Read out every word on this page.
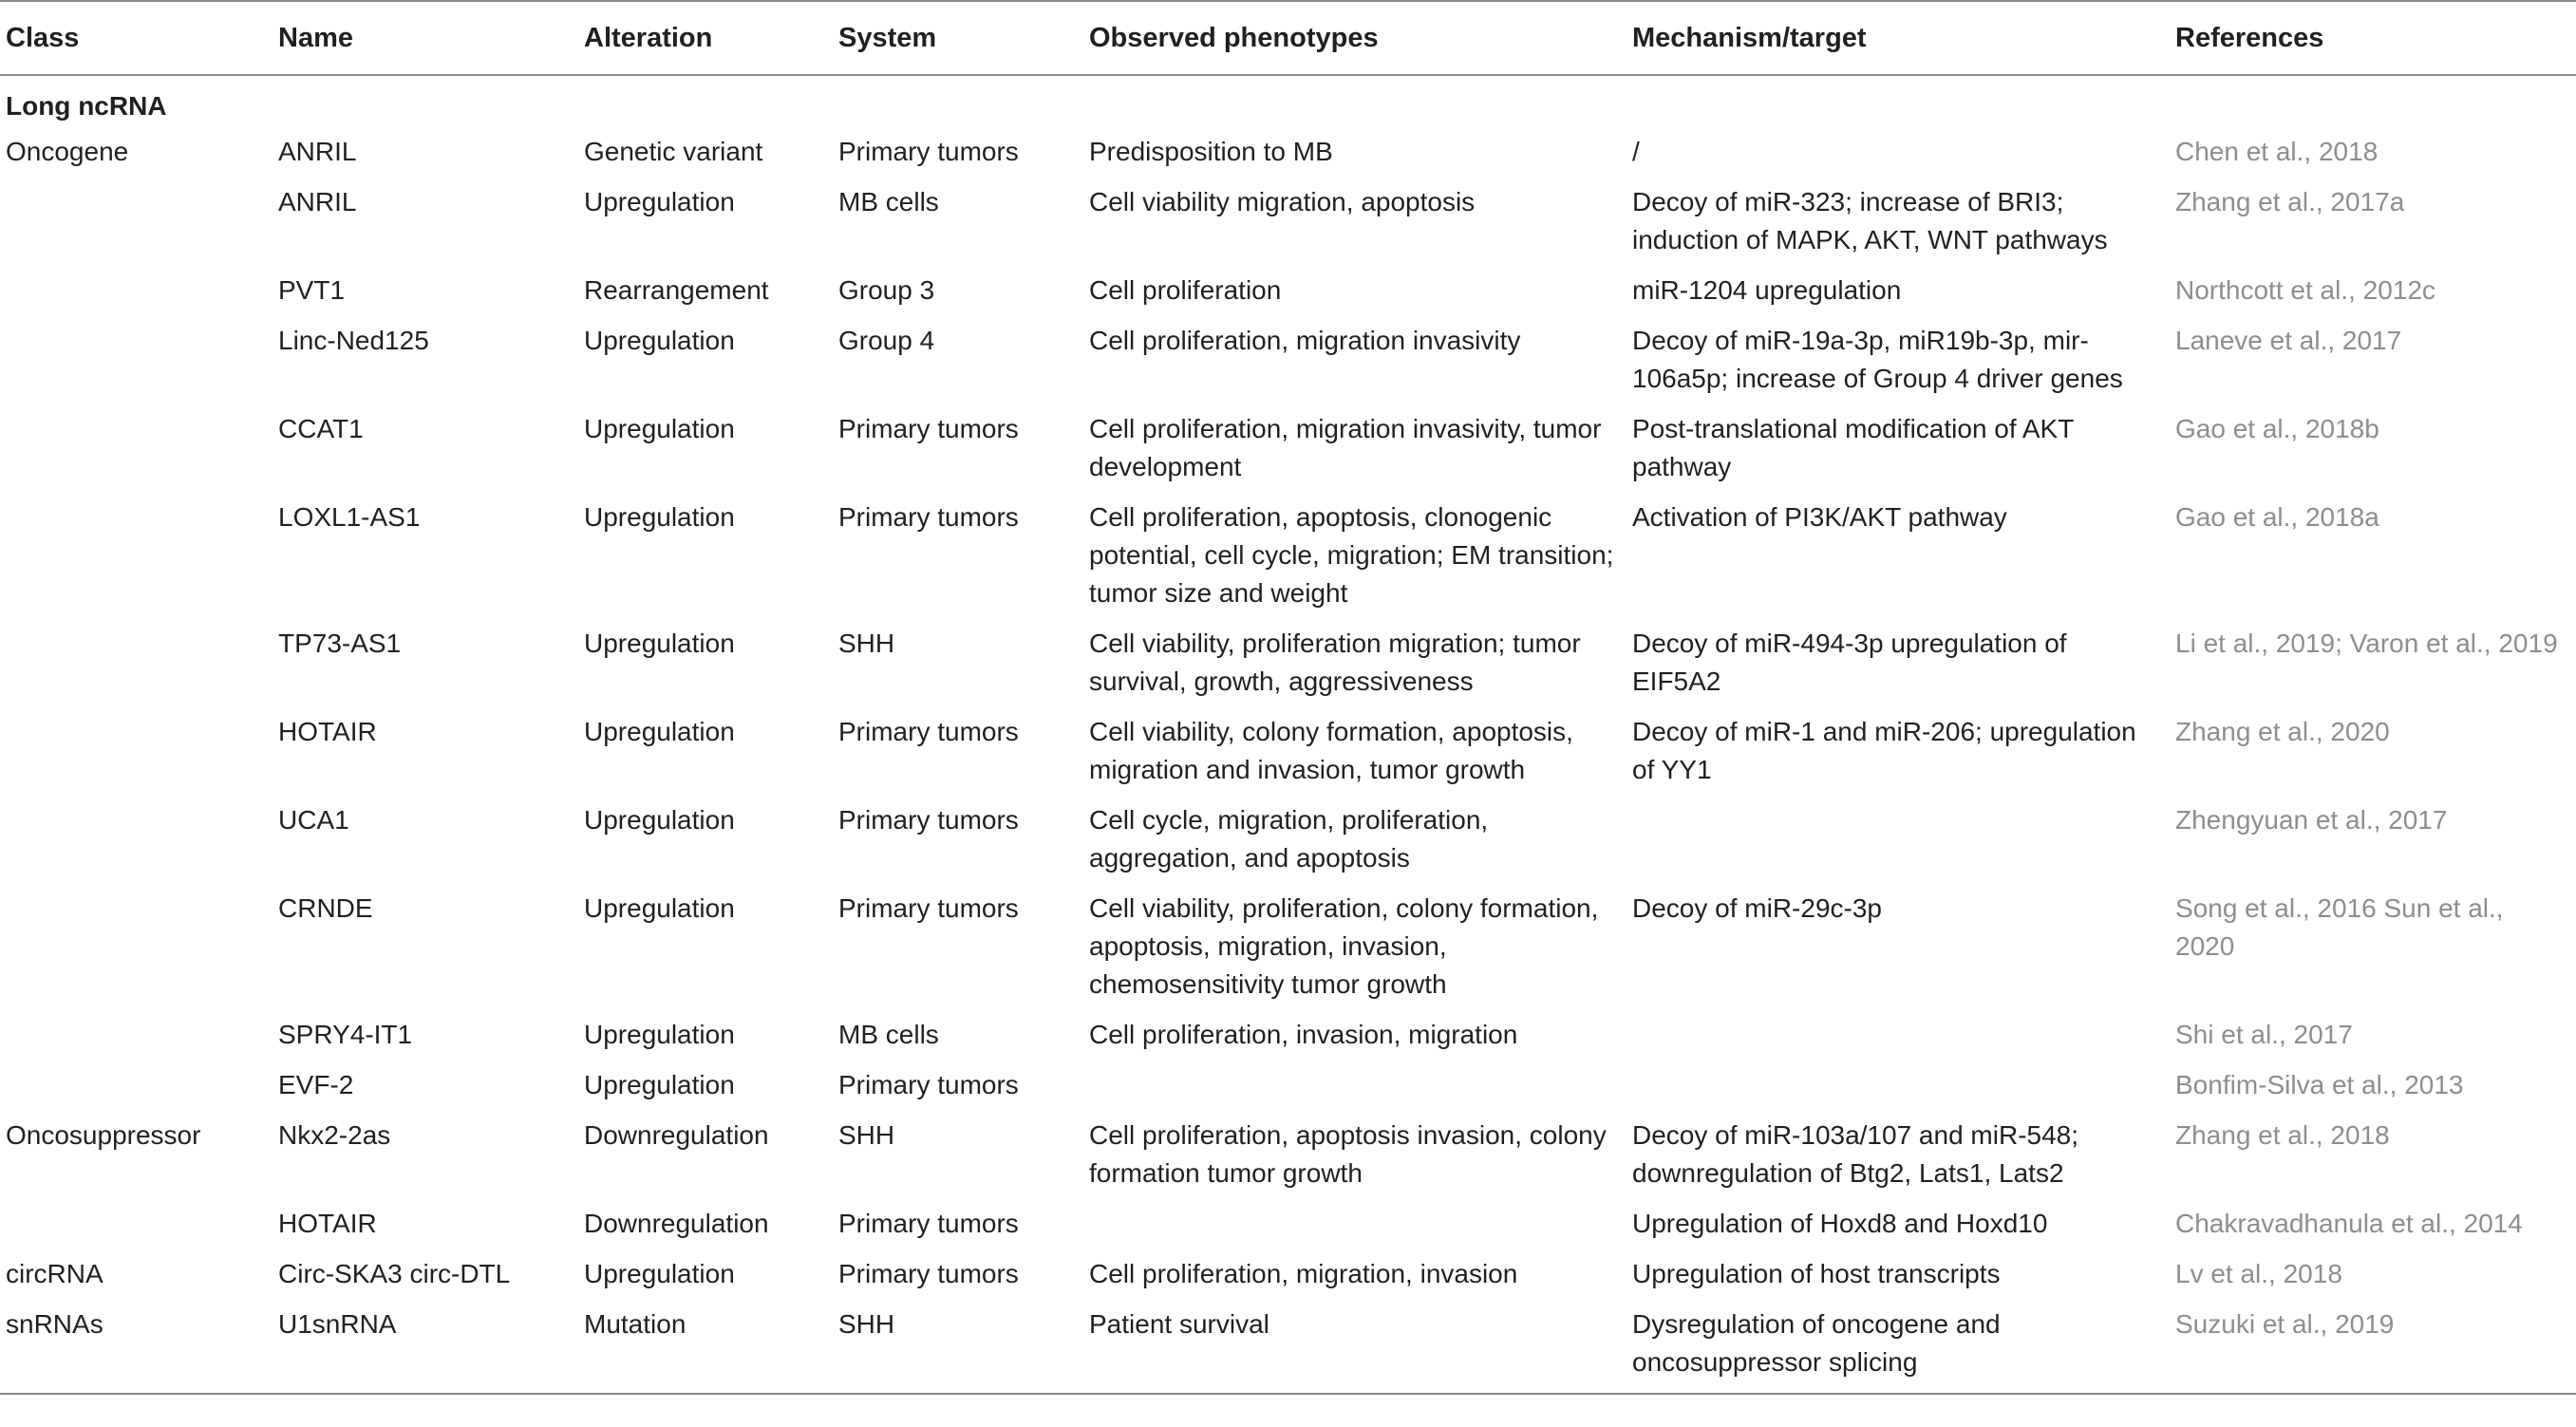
Class	Name	Alteration	System	Observed phenotypes	Mechanism/target	References
Long ncRNA						
Oncogene	ANRIL	Genetic variant	Primary tumors	Predisposition to MB	/	Chen et al., 2018
	ANRIL	Upregulation	MB cells	Cell viability migration, apoptosis	Decoy of miR-323; increase of BRI3; induction of MAPK, AKT, WNT pathways	Zhang et al., 2017a
	PVT1	Rearrangement	Group 3	Cell proliferation	miR-1204 upregulation	Northcott et al., 2012c
	Linc-Ned125	Upregulation	Group 4	Cell proliferation, migration invasivity	Decoy of miR-19a-3p, miR19b-3p, mir-106a5p; increase of Group 4 driver genes	Laneve et al., 2017
	CCAT1	Upregulation	Primary tumors	Cell proliferation, migration invasivity, tumor development	Post-translational modification of AKT pathway	Gao et al., 2018b
	LOXL1-AS1	Upregulation	Primary tumors	Cell proliferation, apoptosis, clonogenic potential, cell cycle, migration; EM transition; tumor size and weight	Activation of PI3K/AKT pathway	Gao et al., 2018a
	TP73-AS1	Upregulation	SHH	Cell viability, proliferation migration; tumor survival, growth, aggressiveness	Decoy of miR-494-3p upregulation of EIF5A2	Li et al., 2019; Varon et al., 2019
	HOTAIR	Upregulation	Primary tumors	Cell viability, colony formation, apoptosis, migration and invasion, tumor growth	Decoy of miR-1 and miR-206; upregulation of YY1	Zhang et al., 2020
	UCA1	Upregulation	Primary tumors	Cell cycle, migration, proliferation, aggregation, and apoptosis		Zhengyuan et al., 2017
	CRNDE	Upregulation	Primary tumors	Cell viability, proliferation, colony formation, apoptosis, migration, invasion, chemosensitivity tumor growth	Decoy of miR-29c-3p	Song et al., 2016 Sun et al., 2020
	SPRY4-IT1	Upregulation	MB cells	Cell proliferation, invasion, migration		Shi et al., 2017
	EVF-2	Upregulation	Primary tumors			Bonfim-Silva et al., 2013
Oncosuppressor	Nkx2-2as	Downregulation	SHH	Cell proliferation, apoptosis invasion, colony formation tumor growth	Decoy of miR-103a/107 and miR-548; downregulation of Btg2, Lats1, Lats2	Zhang et al., 2018
	HOTAIR	Downregulation	Primary tumors		Upregulation of Hoxd8 and Hoxd10	Chakravadhanula et al., 2014
circRNA	Circ-SKA3 circ-DTL	Upregulation	Primary tumors	Cell proliferation, migration, invasion	Upregulation of host transcripts	Lv et al., 2018
snRNAs	U1snRNA	Mutation	SHH	Patient survival	Dysregulation of oncogene and oncosuppressor splicing	Suzuki et al., 2019
